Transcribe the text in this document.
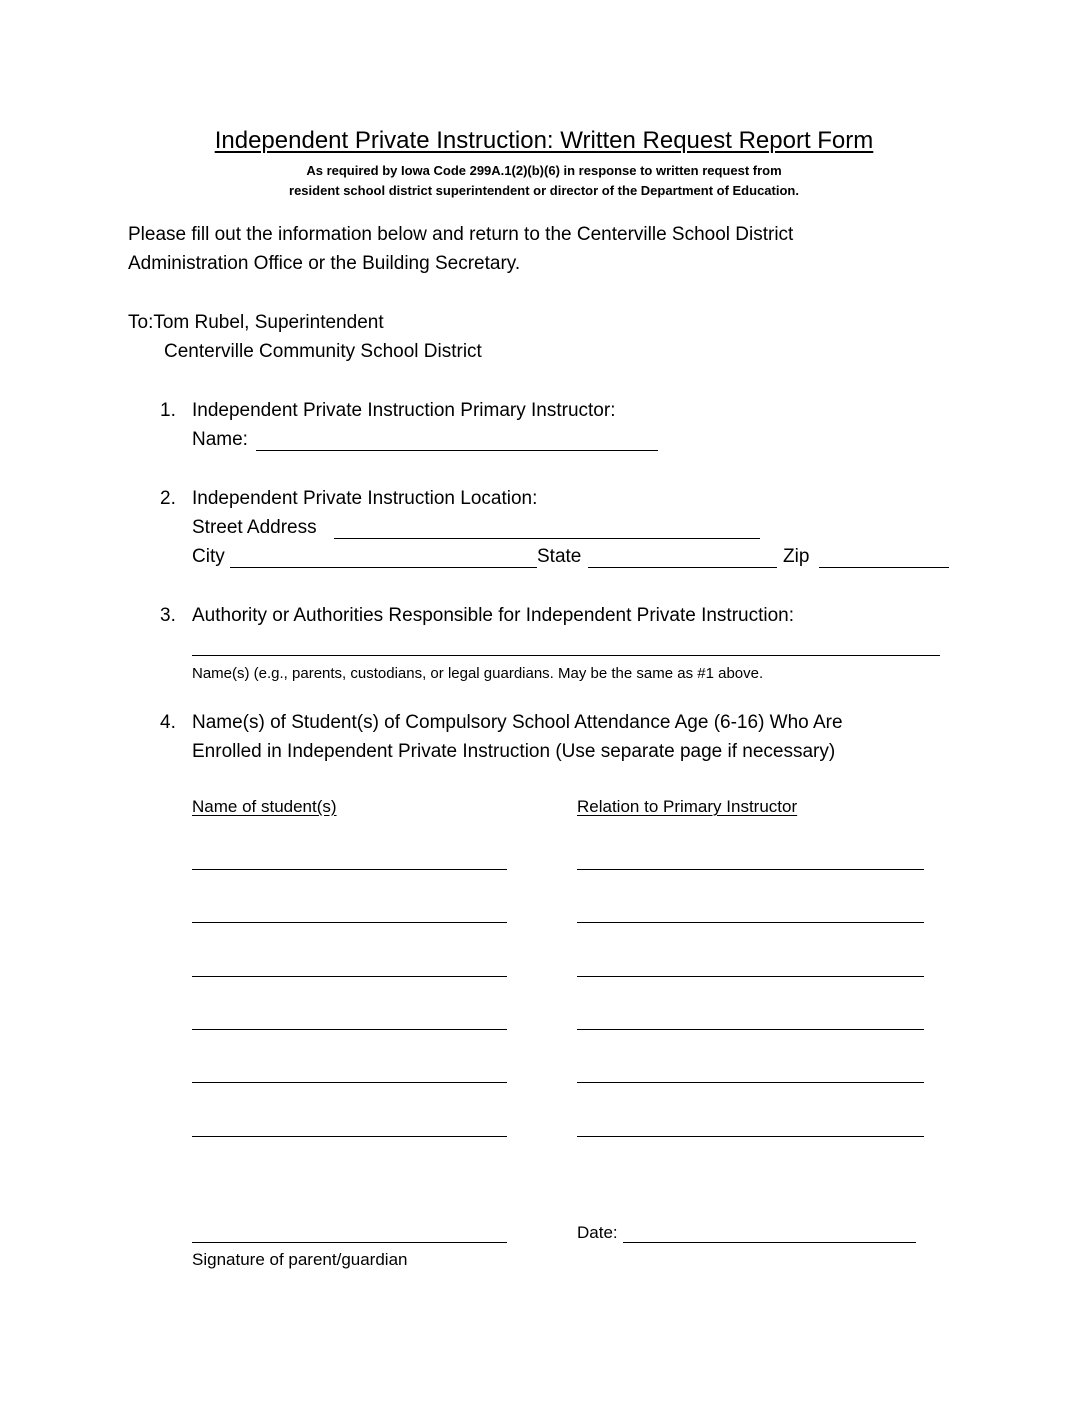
Independent Private Instruction: Written Request Report Form
As required by Iowa Code 299A.1(2)(b)(6) in response to written request from
resident school district superintendent or director of the Department of Education.
Please fill out the information below and return to the Centerville School District
Administration Office or the Building Secretary.
To:Tom Rubel, Superintendent
Centerville Community School District
1. Independent Private Instruction Primary Instructor:
Name:
2. Independent Private Instruction Location:
Street Address
City	State	Zip
3. Authority or Authorities Responsible for Independent Private Instruction:
Name(s) (e.g., parents, custodians, or legal guardians. May be the same as #1 above.
4. Name(s) of Student(s) of Compulsory School Attendance Age (6-16) Who Are
Enrolled in Independent Private Instruction (Use separate page if necessary)
Name of student(s)	Relation to Primary Instructor
Signature of parent/guardian
Date:
